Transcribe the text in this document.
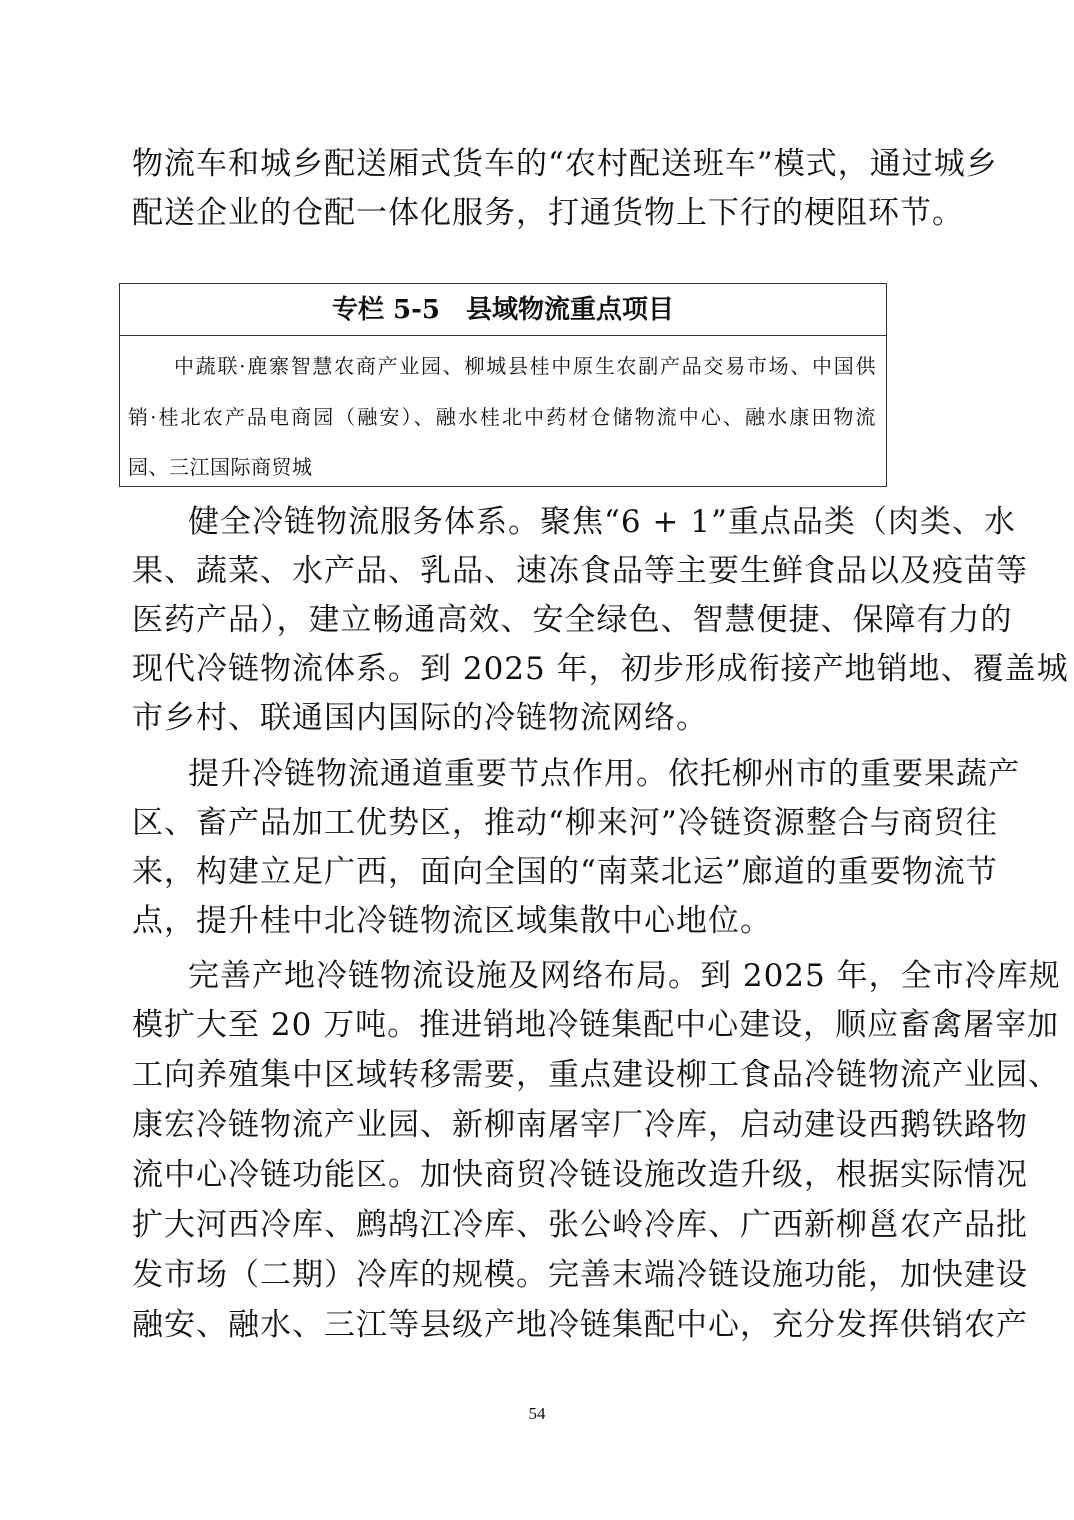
物流车和城乡配送厢式货车的“农村配送班车”模式，通过城乡
配送企业的仓配一体化服务，打通货物上下行的梗阻环节。
专栏 5-5　县域物流重点项目
中蔬联·鹿寨智慧农商产业园、柳城县桂中原生农副产品交易市场、中国供
销·桂北农产品电商园（融安）、融水桂北中药材仓储物流中心、融水康田物流
园、三江国际商贸城
健全冷链物流服务体系。聚焦“6 + 1”重点品类（肉类、水
果、蔬菜、水产品、乳品、速冻食品等主要生鲜食品以及疫苗等
医药产品），建立畅通高效、安全绿色、智慧便捷、保障有力的
现代冷链物流体系。到 2025 年，初步形成衔接产地销地、覆盖城
市乡村、联通国内国际的冷链物流网络。
提升冷链物流通道重要节点作用。依托柳州市的重要果蔬产
区、畜产品加工优势区，推动“柳来河”冷链资源整合与商贸往
来，构建立足广西，面向全国的“南菜北运”廊道的重要物流节
点，提升桂中北冷链物流区域集散中心地位。
完善产地冷链物流设施及网络布局。到 2025 年，全市冷库规
模扩大至 20 万吨。推进销地冷链集配中心建设，顺应畜禽屠宰加
工向养殖集中区域转移需要，重点建设柳工食品冷链物流产业园、
康宏冷链物流产业园、新柳南屠宰厂冷库，启动建设西鹅铁路物
流中心冷链功能区。加快商贸冷链设施改造升级，根据实际情况
扩大河西冷库、鹧鸪江冷库、张公岭冷库、广西新柳邕农产品批
发市场（二期）冷库的规模。完善末端冷链设施功能，加快建设
融安、融水、三江等县级产地冷链集配中心，充分发挥供销农产
54
